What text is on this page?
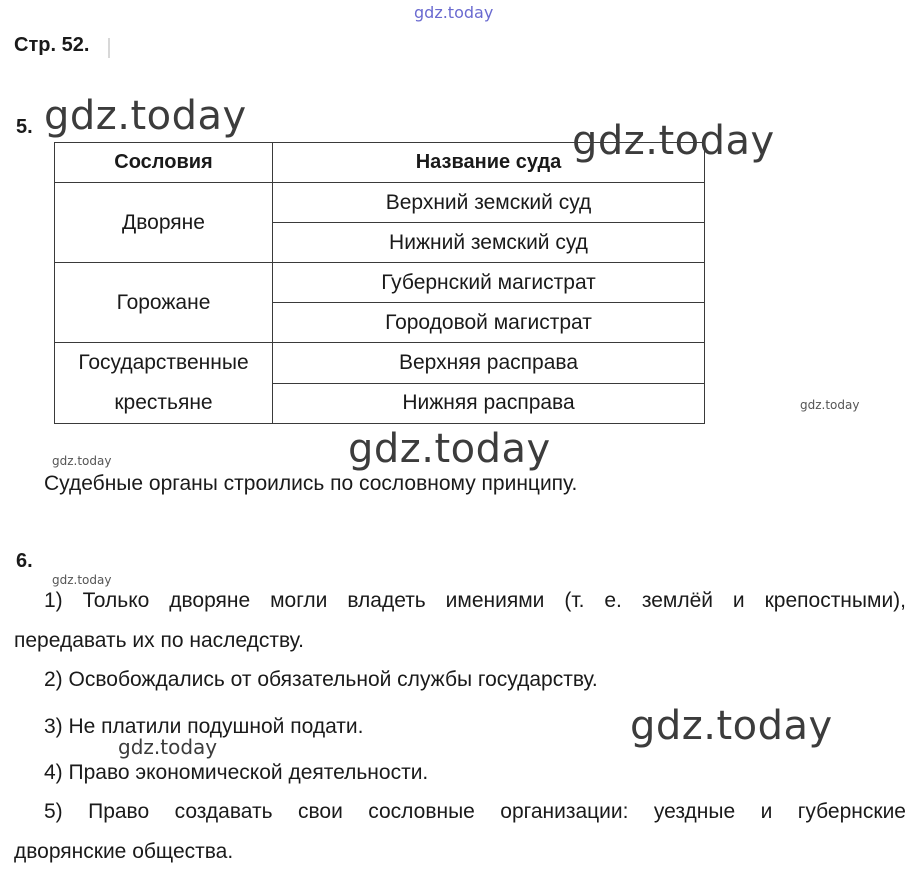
gdz.today
Стр. 52.
5. gdz.today
Сословия	Название суда
Дворяне	Верхний земский суд
	Нижний земский суд
Горожане	Губернский магистрат
	Городовой магистрат

Государственные
крестьяне	Верхняя расправа
	Нижняя расправа
gdz.today
gdz.today
gdz.today
gdz.today
Судебные органы строились по сословному принципу.
6.
gdz.today
1) Только дворяне могли владеть имениями (т. е. землёй и крепостными),
передавать их по наследству.
2) Освобождались от обязательной службы государству.
3) Не платили подушной подати.
gdz.today	gdz.today
4) Право экономической деятельности.
5) Право создавать свои сословные организации: уездные и губернские
дворянские общества.
